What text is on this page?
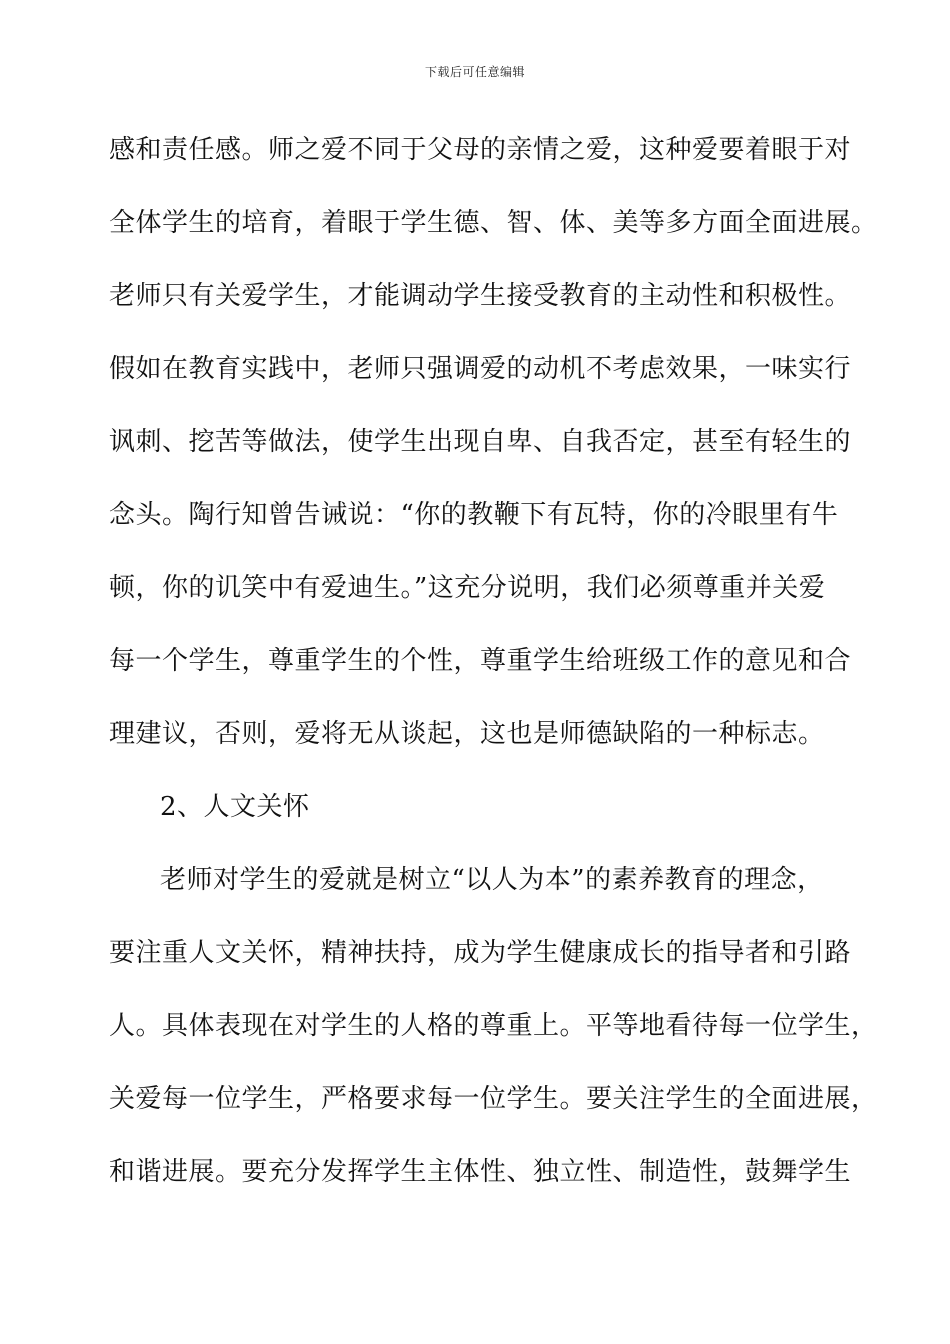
下载后可任意编辑
感和责任感。师之爱不同于父母的亲情之爱，这种爱要着眼于对
全体学生的培育，着眼于学生德、智、体、美等多方面全面进展。
老师只有关爱学生，才能调动学生接受教育的主动性和积极性。
假如在教育实践中，老师只强调爱的动机不考虑效果，一味实行
讽刺、挖苦等做法，使学生出现自卑、自我否定，甚至有轻生的
念头。陶行知曾告诫说：“你的教鞭下有瓦特，你的冷眼里有牛
顿，你的讥笑中有爱迪生。”这充分说明，我们必须尊重并关爱
每一个学生，尊重学生的个性，尊重学生给班级工作的意见和合
理建议，否则，爱将无从谈起，这也是师德缺陷的一种标志。
2、人文关怀
老师对学生的爱就是树立“以人为本”的素养教育的理念，
要注重人文关怀，精神扶持，成为学生健康成长的指导者和引路
人。具体表现在对学生的人格的尊重上。平等地看待每一位学生，
关爱每一位学生，严格要求每一位学生。要关注学生的全面进展，
和谐进展。要充分发挥学生主体性、独立性、制造性，鼓舞学生
